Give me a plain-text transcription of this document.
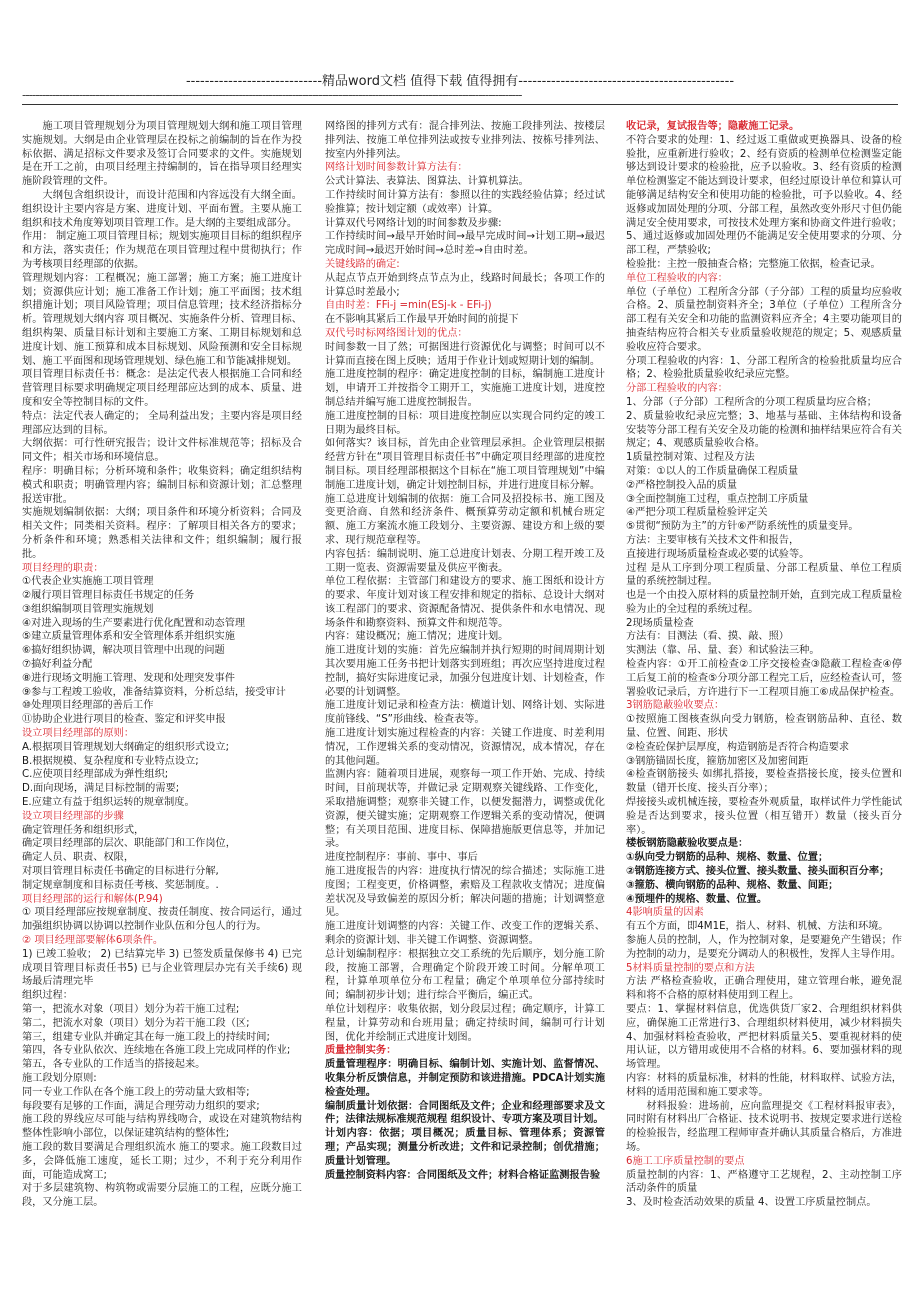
-----------------------------精品word文档 值得下载 值得拥有----------------------------------------------
------------------------------------------------------------------------------------------------------------------------------------------------------

施工项目管理规划分为项目管理规划大纲和施工项目管理实施规划。大纲是由企业管理层在投标之前编制的旨在作为投标依据、满足招标文件要求及签订合同要求的文件。实施规划是在开工之前，由项目经理主持编制的，旨在指导项目经理实施阶段管理的文件。

大纲包含组织设计，而设计范围和内容远没有大纲全面。组织设计主要内容是方案、进度计划、平面布置。主要从施工组织和技术角度筹划项目管理工作。是大纲的主要组成部分。

作用： 制定施工项目管理目标；规划实施项目目标的组织程序和方法，落实责任；作为规范在项目管理过程中贯彻执行；作为考核项目经理部的依据。

管理规划内容：工程概况；施工部署；施工方案；施工进度计划；资源供应计划；施工准备工作计划；施工平面图；技术组织措施计划；项目风险管理；项目信息管理；技术经济指标分析。管理规划大纲内容 项目概况、实施条件分析、管理目标、组织构架、质量目标计划和主要施工方案、工期目标规划和总进度计划、施工预算和成本目标规划、风险预测和安全目标规划、施工平面图和现场管理规划、绿色施工和节能减排规划。

项目管理目标责任书：概念：是法定代表人根据施工合同和经营管理目标要求明确规定项目经理部应达到的成本、质量、进度和安全等控制目标的文件。

特点：法定代表人确定的； 全局利益出发；主要内容是项目经理部应达到的目标。

大纲依据：可行性研究报告；设计文件标准规范等；招标及合同文件；相关市场和环境信息。

程序：明确目标；分析环境和条件；收集资料；确定组织结构模式和职责；明确管理内容；编制目标和资源计划；汇总整理报送审批。

实施规划编制依据：大纲；项目条件和环境分析资料；合同及相关文件；同类相关资料。程序：了解项目相关各方的要求；分析条件和环境；熟悉相关法律和文件；组织编制；履行报批。

项目经理的职责：

①代表企业实施施工项目管理

②履行项目管理目标责任书规定的任务

③组织编制项目管理实施规划

④对进入现场的生产要素进行优化配置和动态管理

⑤建立质量管理体系和安全管理体系并组织实施

⑥搞好组织协调，解决项目管理中出现的问题

⑦搞好利益分配

⑧进行现场文明施工管理、发现和处理突发事件

⑨参与工程竣工验收，准备结算资料，分析总结，接受审计

⑩处理项目经理部的善后工作

⑪协助企业进行项目的检查、鉴定和评奖申报

设立项目经理部的原则：

A.根据项目管理规划大纲确定的组织形式设立;

B.根据规模、复杂程度和专业特点设立;

C.应使项目经理部成为弹性组织;

D.面向现场，满足目标控制的需要;

E.应建立有益于组织运转的规章制度。

设立项目经理部的步骤

确定管理任务和组织形式，

确定项目经理部的层次、职能部门和工作岗位，

确定人员、职责、权限，

对项目管理目标责任书确定的目标进行分解,

制定规章制度和目标责任考核、奖惩制度。.

项目经理部的运行和解体(P.94)

① 项目经理部应按规章制度、按责任制度、按合同运行，通过加强组织协调以协调以控制作业队伍和分包人的行为。

② 项目经理部要解体6项条件。

1) 已竣工验收； 2) 已结算完毕 3) 已签发质量保修书 4) 已完成项目管理目标责任书5) 已与企业管理层办完有关手续6) 现场最后清理完毕

组织过程：

第一，把流水对象（项目）划分为若干施工过程;

第二，把流水对象（项目）划分为若干施工段（区;

第三，组建专业队并确定其在每一施工段上的持续时间;

第四，各专业队依次、连续地在各施工段上完成同样的作业;

第五，各专业队的工作适当的搭接起来。

施工段划分原则:

同一专业工作队在各个施工段上的劳动量大致相等;

每段要有足够的工作面，满足合理劳动力组织的要求;

施工段的界线应尽可能与结构界线吻合，或设在对建筑物结构整体性影响小部位，以保证建筑结构的整体性;

施工段的数目要满足合理组织流水 施工的要求。施工段数目过多，会降低施工速度，延长工期；过少，不利于充分利用作面，可能造成窝工;

对于多层建筑物、构筑物或需要分层施工的工程，应既分施工段，又分施工层。

网络图的排列方式有：混合排列法、按施工段排列法、按楼层排列法、按施工单位排列法或按专业排列法、按栋号排列法、按室内外排列法。

网络计划时间参数计算方法有：

公式计算法、表算法、图算法、计算机算法。

工作持续时间计算方法有：参照以往的实践经验估算；经过试验推算；按计划定额（或效率）计算。

计算双代号网络计划的时间参数及步骤:

工作持续时间→最早开始时间→最早完成时间→计划工期→最迟完成时间→最迟开始时间→总时差→自由时差。

关键线路的确定:

从起点节点开始到终点节点为止，线路时间最长；各项工作的计算总时差最小;

自由时差：FFi-j =min(ESj-k - EFi-j)

在不影响其紧后工作最早开始时间的前提下

双代号时标网络图计划的优点：

时间参数一目了然；可据图进行资源优化与调整；时间可以不计算而直接在图上反映；适用于作业计划或短期计划的编制。

施工进度控制的程序：确定进度控制的目标，编制施工进度计划，申请开工并按指令工期开工，实施施工进度计划，进度控制总结并编写施工进度控制报告。

施工进度控制的目标：项目进度控制应以实现合同约定的竣工日期为最终目标。

如何落实？该目标，首先由企业管理层承担。企业管理层根据经营方针在“项目管理目标责任书”中确定项目经理部的进度控制目标。项目经理部根据这个目标在“施工项目管理规划”中编制施工进度计划，确定计划控制目标，并进行进度目标分解。

施工总进度计划编制的依据：施工合同及招投标书、施工图及变更洽商、自然和经济条件、概预算劳动定额和机械台班定额、施工方案流水施工段划分、主要资源、建设方和上级的要求、现行规范章程等。

内容包括：编制说明、施工总进度计划表、分期工程开竣工及工期一览表、资源需要量及供应平衡表。

单位工程依据：主管部门和建设方的要求、施工图纸和设计方的要求、年度计划对该工程安排和规定的指标、总设计大纲对该工程部门的要求、资源配备情况、提供条件和水电情况、现场条件和勘察资料、预算文件和规范等。

内容：建设概况；施工情况；进度计划。

施工进度计划的实施：首先应编制并执行短期的时间周期计划其次要用施工任务书把计划落实到班组；再次应坚持进度过程控制，搞好实际进度记录，加强分包进度计划、计划检查，作必要的计划调整。

施工进度计划记录和检查方法：横道计划、网络计划、实际进度前锋线、“S”形曲线、检查表等。

施工进度计划实施过程检查的内容：关键工作进度、时差利用情况，工作逻辑关系的变动情况，资源情况，成本情况，存在的其他问题。

监测内容：随着项目进展，观察每一项工作开始、完成、持续时间，目前现状等，并做记录 定期观察关键线路、工作变化，采取措施调整；观察非关键工作，以便发掘潜力，调整或优化资源，便关键实施；定期观察工作逻辑关系的变动情况，便调整；有关项目范围、进度目标、保障措施版更信息等，并加记录。

进度控制程序：事前、事中、事后

施工进度报告的内容：进度执行情况的综合描述；实际施工进度图；工程变更，价格调整，索赔及工程款收支情况；进度偏差状况及导致偏差的原因分析；解决问题的措施；计划调整意见。

施工进度计划调整的内容：关键工作、改变工作的逻辑关系、剩余的资源计划、非关键工作调整、资源调整。

总计划编制程序：根据独立交工系统的先后顺序，划分施工阶段，按施工部署，合理确定个阶段开竣工时间。分解单项工程，计算单项单位分布工程量；确定个单项单位分部持续时间；编制初步计划；进行综合平衡后，编正式。

单位计划程序：收集依据，划分段层过程；确定顺序，计算工程量，计算劳动和台班用量；确定持续时间，编制可行计划图，优化并绘制正式进度计划图。

质量控制实务：

质量管理程序：明确目标、编制计划、实施计划、监督情况、收集分析反馈信息，并制定预防和该进措施。PDCA计划实施检查处理。

编制质量计划依据：合同图纸及文件；企业和经理部要求及文件；法律法规标准规范规程 组织设计、专项方案及项目计划。

计划内容：依据；项目概况；质量目标、管理体系；资源管理；产品实现；测量分析改进；文件和记录控制；创优措施；质量计划管理。

质量控制资料内容：合同图纸及文件；材料合格证监测报告验

收记录，复试报告等；隐蔽施工记录。

不符合要求的处理：1、经过返工重做或更换器具、设备的检验批，应重新进行验收；2、经有资质的检测单位检测鉴定能够达到设计要求的检验批，应予以验收。3、经有资质的检测单位检测鉴定不能达到设计要求，但经过原设计单位和算认可能够满足结构安全和使用功能的检验批，可予以验收。4、经返修或加固处理的分项、分部工程，虽然改变外形尺寸但仍能满足安全使用要求，可按技术处理方案和协商文件进行验收；5、通过返修或加固处理仍不能满足安全使用要求的分项、分部工程，严禁验收;

检验批：主控一般抽查合格；完整施工依据，检查记录。

单位工程验收的内容：

单位（子单位）工程所含分部（子分部）工程的质量均应验收合格。2、质量控制资料齐全；3单位（子单位）工程所含分部工程有关安全和功能的监测资料应齐全；4主要功能项目的抽查结构应符合相关专业质量验收规范的规定；5、观感质量验收应符合要求。

分项工程验收的内容：1、分部工程所含的检验批质量均应合格；2、检验批质量验收纪录应完整。

分部工程验收的内容：

1、分部（子分部）工程所含的分项工程质量均应合格；

2、质量验收纪录应完整；3、地基与基础、主体结构和设备安装等分部工程有关安全及功能的检测和抽样结果应符合有关规定；4、观感质量验收合格。

1质量控制对策、过程及方法

对策：①以人的工作质量确保工程质量

②严格控制投入品的质量

③全面控制施工过程，重点控制工序质量

④严把分项工程质量检验评定关

⑤贯彻“预防为主”的方针⑥严防系统性的质量变异。

方法：主要审核有关技术文件和报告，

直接进行现场质量检查或必要的试验等。

过程 是从工序到分项工程质量、分部工程质量、单位工程质量的系统控制过程。

也是一个由投入原材料的质量控制开始，直到完成工程质量检验为止的全过程的系统过程。

2现场质量检查

方法有：目测法（看、摸、敲、照）

实测法（靠、吊、量、套）和试验法三种。

检查内容：①开工前检查②工序交接检查③隐蔽工程检查④停工后复工前的检查⑤分项分部工程完工后，应经检查认可，签署验收记录后，方许进行下一工程项目施工⑥成品保护检查。

3钢筋隐蔽验收要点：

①按照施工图核查纵向受力钢筋，检查钢筋品种、直径、数量、位置、间距、形状

②检查砼保护层厚度，构造钢筋是否符合构造要求

③钢筋锚固长度，箍筋加密区及加密间距

④检查钢筋接头 如绑扎搭接，要检查搭接长度，接头位置和数量（错开长度、接头百分率）；

焊接接头或机械连接，要检查外观质量，取样试件力学性能试验是否达到要求，接头位置（相互错开）数量（接头百分率）。

楼板钢筋隐蔽验收要点是：

①纵向受力钢筋的品种、规格、数量、位置；

②钢筋连接方式、接头位置、接头数量、接头面积百分率；

③箍筋、横向钢筋的品种、规格、数量、间距；

④预埋件的规格、数量、位置。

4影响质量的因素

有五个方面，即4M1E，指人、材料、机械、方法和环境。

参施人员的控制，人，作为控制对象，是要避免产生错误；作为控制的动力，是要充分调动人的积极性，发挥人主导作用。

5材料质量控制的要点和方法

方法 严格检查验收，正确合理使用，建立管理台帐，避免混料和将不合格的原材料使用到工程上。

要点：1、掌握材料信息，优选供货厂家2、合理组织材料供应，确保施工正常进行3、合理组织材料使用，减少材料损失4、加强材料检查验收，严把材料质量关5、要重视材料的使用认证，以方错用或使用不合格的材料。6、要加强材料的现场管理。

内容：材料的质量标准，材料的性能，材料取样、试验方法，材料的适用范围和施工要求等。

材料报验：进场前，应向监理提交《工程材料报审表》，同时附有材料出厂合格证、技术说明书、按规定要求进行送检的检验报告，经监理工程师审查并确认其质量合格后，方准进场。

6施工工序质量控制的要点

质量控制的内容：1、严格遵守工艺规程，2、主动控制工序活动条件的质量

3、及时检查活动效果的质量 4、设置工序质量控制点。
